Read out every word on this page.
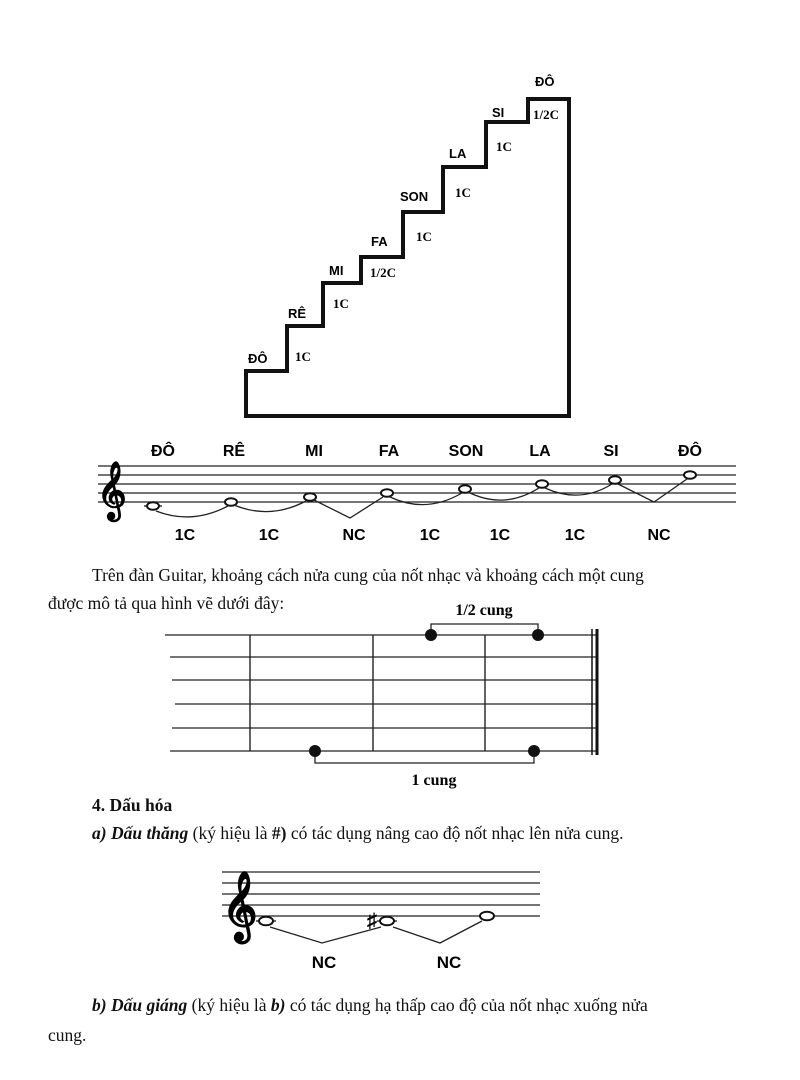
ĐÔ
RÊ
MI
FA
SON
LA
SI
ĐÔ
1C
1C
1/2C
1C
1C
1C
1/2C
ĐÔ	RÊ	MI	FA	SON	LA	SI	ĐÔ
𝄞
1C	1C	NC	1C	1C	1C	NC
Trên đàn Guitar, khoảng cách nửa cung của nốt nhạc và khoảng cách một cung
được mô tả qua hình vẽ dưới đây:	1/2 cung
1 cung
4. Dấu hóa
a) Dấu thăng (ký hiệu là #) có tác dụng nâng cao độ nốt nhạc lên nửa cung.
𝄞	♯
NC	NC
b) Dấu giáng (ký hiệu là b) có tác dụng hạ thấp cao độ của nốt nhạc xuống nửa
cung.
